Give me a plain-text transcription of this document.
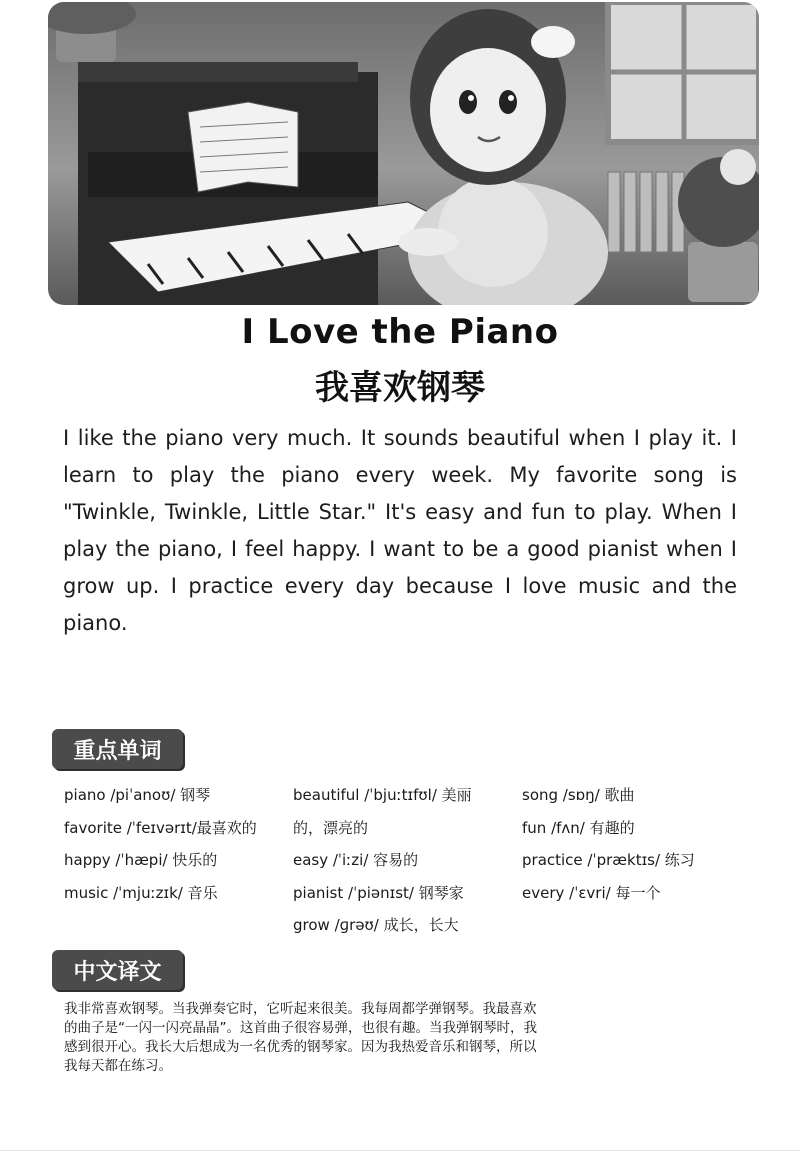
I Love the Piano
我喜欢钢琴

I like the piano very much. It sounds beautiful when I play it. I learn to play the piano every week. My favorite song is "Twinkle, Twinkle, Little Star." It's easy and fun to play. When I play the piano, I feel happy. I want to be a good pianist when I grow up. I practice every day because I love music and the piano.

重点单词
piano /piˈanoʊ/ 钢琴
favorite /ˈfeɪvərɪt/最喜欢的
happy /ˈhæpi/ 快乐的
music /ˈmjuːzɪk/ 音乐
beautiful /ˈbjuːtɪfʊl/ 美丽
的，漂亮的
easy /ˈiːzi/ 容易的
pianist /ˈpiənɪst/ 钢琴家
grow /ɡrəʊ/ 成长，长大
song /sɒŋ/ 歌曲
fun /fʌn/ 有趣的
practice /ˈpræktɪs/ 练习
every /ˈɛvri/ 每一个
中文译文
我非常喜欢钢琴。当我弹奏它时，它听起来很美。我每周都学弹钢琴。我最喜欢
的曲子是“一闪一闪亮晶晶”。这首曲子很容易弹，也很有趣。当我弹钢琴时，我
感到很开心。我长大后想成为一名优秀的钢琴家。因为我热爱音乐和钢琴，所以
我每天都在练习。
